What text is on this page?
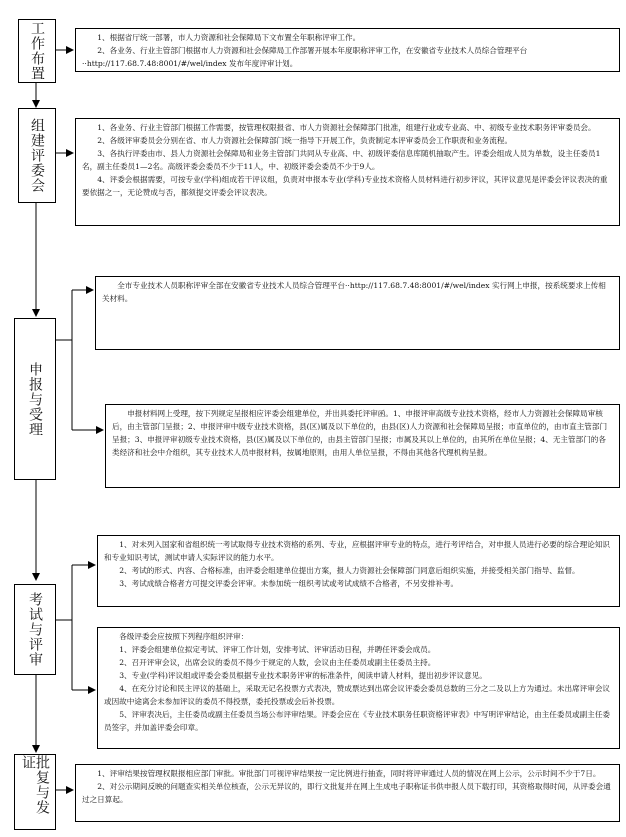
工作布置
组建评委会
申报与受理
考试与评审
批复与发证

1、根据省厅统一部署，市人力资源和社会保障局下文布置全年职称评审工作。

2、各业务、行业主管部门根据市人力资源和社会保障局工作部署开展本年度职称评审工作，在安徽省专业技术人员综合管理平台··http://117.68.7.48:8001/#/wel/index 发布年度评审计划。

1、各业务、行业主管部门根据工作需要，按管理权限报省、市人力资源社会保障部门批准，组建行业或专业高、中、初级专业技术职务评审委员会。

2、各级评审委员会分别在省、市人力资源社会保障部门统一指导下开展工作，负责制定本评审委员会工作职责和业务流程。

3、各执行评委由市、县人力资源社会保障局和业务主管部门共同从专业高、中、初级评委信息库随机抽取产生。评委会组成人员为单数，设主任委员1名，副主任委员1—2名。高级评委会委员不少于11人，中、初级评委会委员不少于9人。

4、评委会根据需要，可按专业(学科)组成若干评议组，负责对申报本专业(学科)专业技术资格人员材料进行初步评议，其评议意见是评委会评议表决的重要依据之一，无论赞成与否，都须提交评委会评议表决。

全市专业技术人员职称评审全部在安徽省专业技术人员综合管理平台··http://117.68.7.48:8001/#/wel/index 实行网上申报，按系统要求上传相关材料。

申报材料网上受理，按下列规定呈报相应评委会组建单位，并出具委托评审函。1、申报评审高级专业技术资格，经市人力资源社会保障局审核后，由主管部门呈报；2、申报评审中级专业技术资格，县(区)属及以下单位的，由县(区)人力资源和社会保障局呈报；市直单位的，由市直主管部门呈报；3、申报评审初级专业技术资格，县(区)属及以下单位的，由县主管部门呈报；市属及其以上单位的，由其所在单位呈报；4、无主管部门的各类经济和社会中介组织，其专业技术人员申报材料，按属地原则，由用人单位呈报，不得由其他各代理机构呈报。

1、对未列入国家和省组织统一考试取得专业技术资格的系列、专业，应根据评审专业的特点，进行考评结合，对申报人员进行必要的综合理论知识和专业知识考试，测试申请人实际评议的能力水平。

2、考试的形式、内容、合格标准，由评委会组建单位提出方案，报人力资源社会保障部门同意后组织实施，并接受相关部门指导、监督。

3、考试成绩合格者方可提交评委会评审。未参加统一组织考试或考试成绩不合格者，不另安排补考。

各级评委会应按照下列程序组织评审：

1、评委会组建单位拟定考试、评审工作计划，安排考试、评审活动日程，并聘任评委会成员。

2、召开评审会议，出席会议的委员不得少于规定的人数，会议由主任委员或副主任委员主持。

3、专业(学科)评议组或评委会委员根据专业技术职务评审的标准条件，阅读申请人材料，提出初步评议意见。

4、在充分讨论和民主评议的基础上，采取无记名投票方式表决，赞成票达到出席会议评委会委员总数的三分之二及以上方为通过。未出席评审会议或因故中途离会未参加评议的委员不得投票，委托投票或会后补投票。

5、评审表决后，主任委员或副主任委员当场公布评审结果。评委会应在《专业技术职务任职资格评审表》中写明评审结论，由主任委员或副主任委员签字，并加盖评委会印章。

1、评审结果按管理权限报相应部门审批。审批部门可视评审结果按一定比例进行抽查，同时将评审通过人员的情况在网上公示，公示时间不少于7日。

2、对公示期间反映的问题查实相关单位核查，公示无异议的，即行文批复并在网上生成电子职称证书供申报人员下载打印，其资格取得时间，从评委会通过之日算起。
